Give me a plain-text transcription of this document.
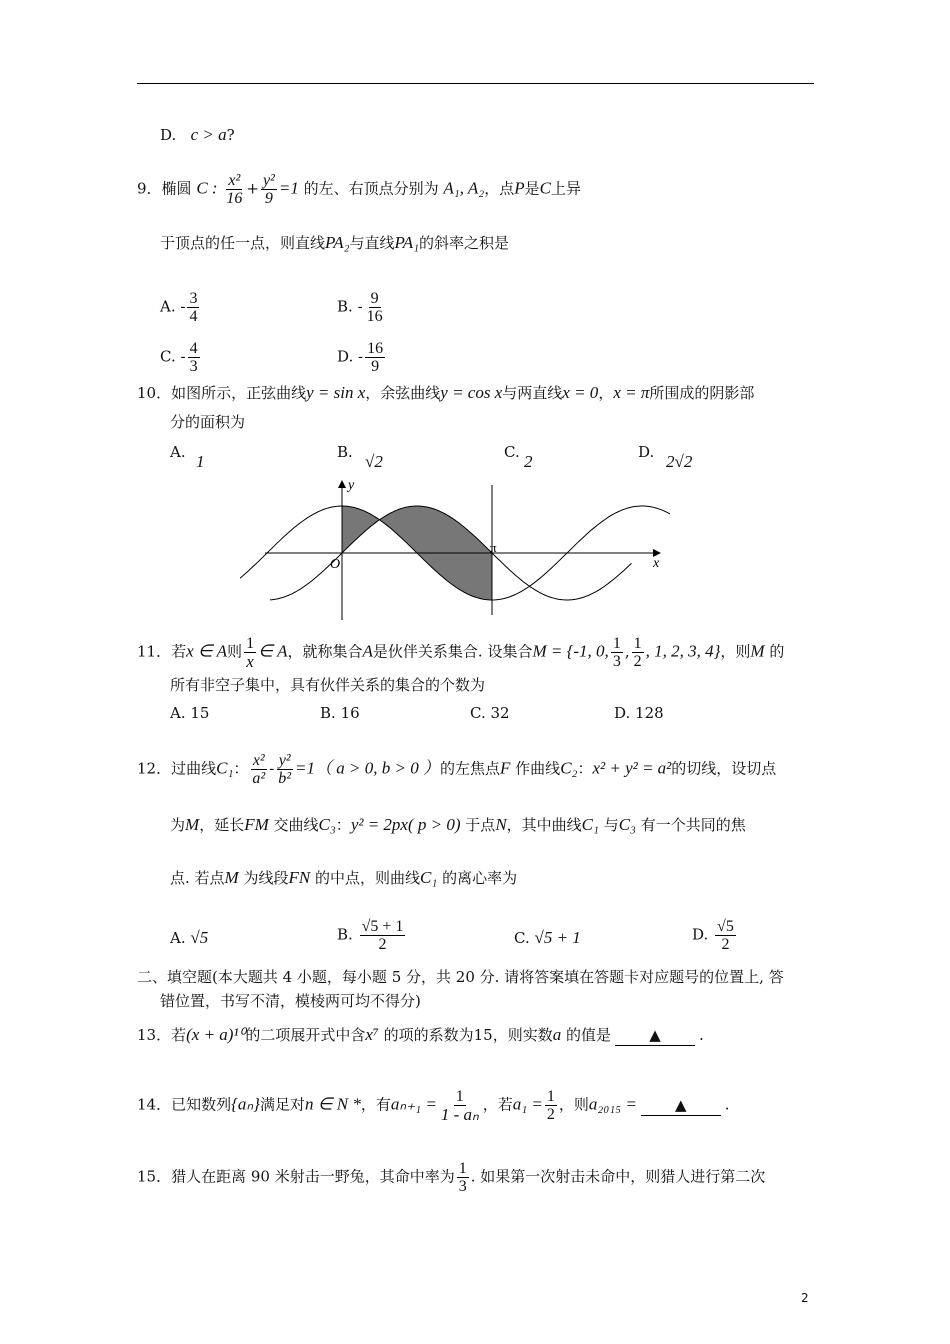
D. c > a?
9．椭圆 C : $\frac{\text{x²}}{16} + \frac{\text{y²}}{9} =1$ 的左、右顶点分别为 A₁, A₂，点P是C上异
于顶点的任一点，则直线PA₂与直线PA₁的斜率之积是
A. - $\frac{3}{4}$	B. - $\frac{9}{16}$
C. - $\frac{4}{3}$	D. - $\frac{16}{9}$
10．如图所示，正弦曲线y = sin x，余弦曲线y = cos x与两直线x = 0，x = π所围成的阴影部
分的面积为
A. 1	B. √2	C. 2	D. 2√2
y
x
O
π
11．若x ∈ A则 $\frac{1}{x}$ ∈ A，就称集合A是伙伴关系集合. 设集合M = {-1, 0, $\frac{1}{3}$ , $\frac{1}{2}$ , 1, 2, 3, 4}，则M 的
所有非空子集中，具有伙伴关系的集合的个数为
A. 15	B. 16	C. 32	D. 128
12．过曲线C₁： $\frac{\text{x²}}{\text{a²}} - \frac{\text{y²}}{\text{b²}} =1$（ a > 0, b > 0 ）的左焦点F 作曲线C₂：x² + y² = a²的切线，设切点
为M，延长FM 交曲线C₃：y² = 2px( p > 0) 于点N，其中曲线C₁ 与C₃ 有一个共同的焦
点. 若点M 为线段FN 的中点，则曲线C₁ 的离心率为
A. √5	B. $\frac{√5 + 1}{2}$	C. √5 + 1	D. $\frac{√5}{2}$
二、填空题(本大题共 4 小题，每小题 5 分，共 20 分. 请将答案填在答题卡对应题号的位置上, 答
错位置，书写不清，模棱两可均不得分)
13．若(x + a)¹⁰的二项展开式中含x⁷ 的项的系数为15，则实数a 的值是	▲	.
14．已知数列{aₙ}满足对n ∈ N *，有$a_{n+1} = \frac{1}{\text{1 - aₙ}}$ ，若$a_1 = \frac{1}{2}$ ，则a₂₀₁₅ =	▲	.
15．猎人在距离 90 米射击一野兔，其命中率为 $\frac{1}{3}$ . 如果第一次射击未命中，则猎人进行第二次
2
